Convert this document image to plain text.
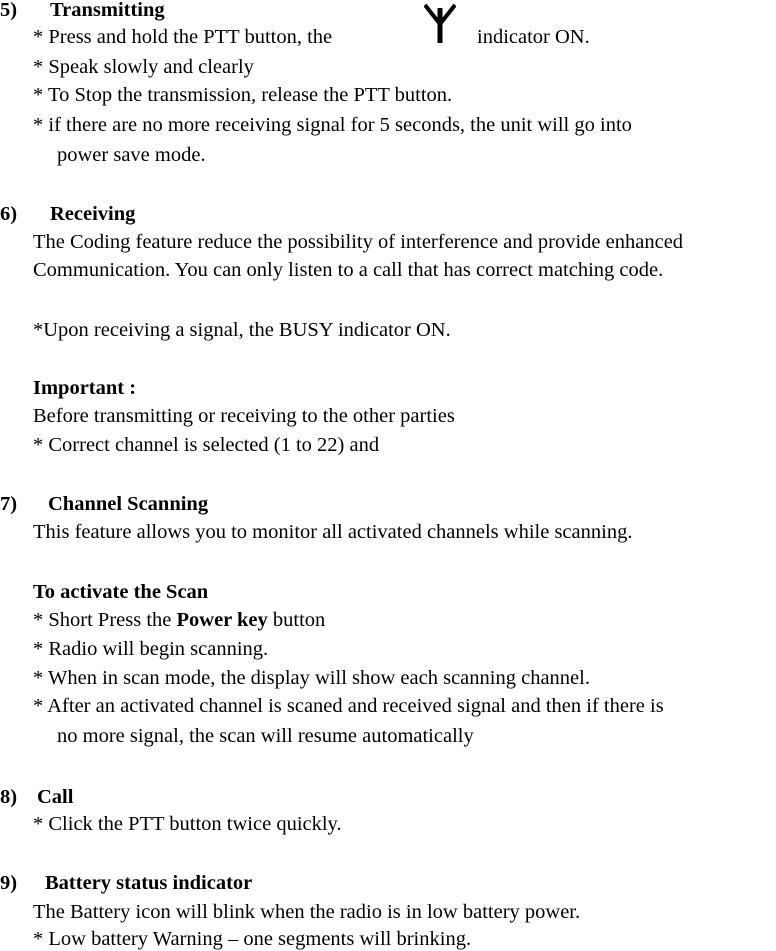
5) Transmitting
* Press and hold the PTT button, the	indicator ON.
* Speak slowly and clearly
* To Stop the transmission, release the PTT button.
* if there are no more receiving signal for 5 seconds, the unit will go into
power save mode.
6) Receiving
The Coding feature reduce the possibility of interference and provide enhanced
Communication. You can only listen to a call that has correct matching code.
*Upon receiving a signal, the BUSY indicator ON.
Important :
Before transmitting or receiving to the other parties
* Correct channel is selected (1 to 22) and
7) Channel Scanning
This feature allows you to monitor all activated channels while scanning.
To activate the Scan
* Short Press the Power key button
* Radio will begin scanning.
* When in scan mode, the display will show each scanning channel.
* After an activated channel is scaned and received signal and then if there is
no more signal, the scan will resume automatically
8) Call
* Click the PTT button twice quickly.
9) Battery status indicator
The Battery icon will blink when the radio is in low battery power.
* Low battery Warning – one segments will brinking.
